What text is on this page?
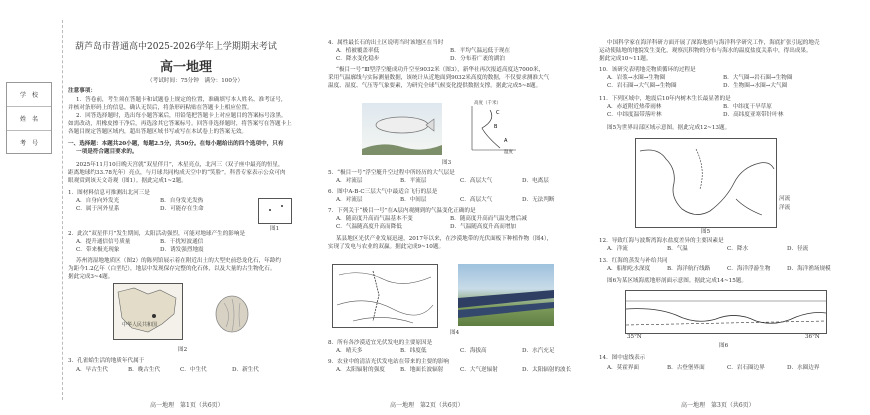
学　校
姓　名
考　号
葫芦岛市普通高中2025-2026学年上学期期末考试
高一地理
（考试时间：75分钟　满分：100分）
注意事项：
1．答卷前，考生须在答题卡和试题卷上规定的位置，准确填写本人姓名、准考证号，
并核对条形码上的信息，确认无误后，将条形码粘贴在答题卡上相应位置。
2．回答选择题时，选出每小题答案后，用铅笔把答题卡上对应题目的答案标号涂黑。
如需改动，用橡皮擦干净后，再选涂其它答案标号。回答非选择题时，将答案写在答题卡上
各题目规定答题区域内，超出答题区域书写或写在本试卷上的答案无效。
一、选择题：本题共20小题，每题2.5分，共50分。在每小题给出的四个选项中，只有
一项是符合题目要求的。
2025年11月10日晚天宫就“双星伴月”，木星亮点，北河三（双子座中最亮的恒星，
距离地球约33.78光年）亮点，与月球共同构成天空中的“笑脸”。科普专家表示公众可肉
眼观赏到该天文奇观（图1）。据此完成1~2题。
1．图材料信息可推测出北河三是
A．自身向外发光	B．自身发光发热
C．属于河外星系	D．可能存在生命
图1
2．此次“双星伴月”发生期间，太阳活动强烈，可能对地球产生的影响是
A．提升通信信号质量	B．干扰短波通信
C．带来极光现象	D．诱发强烈地震
苏州湾湿地地质区（图2）的陈列馆展示着在附近出土的大型史前恐龙化石，年龄约
为距今1.2亿年（白垩纪），地层中发现保存完整的化石体，以及大量的古生物化石。
据此完成3~4题。
中华人民共和国
图2
3．孔雀蛤生活的地质年代属于
A．早古生代	B．晚古生代	C．中生代	D．新生代
高一地理　第1页（共6页）
4．属性最长石的出土区说明当时该地区在当时
A．植被覆盖率低	B．平均气温远低于现在
C．降水变化稳步	D．分布着广袤的湖泊
“极目一号”Ⅲ型浮空艇成功升空至9032米（图3），新华社再次报道高度达7000米，
采用气温廓线与实际测量数据，该统计从近地面到9032米高度的数据，不仅要求测准大气
温度、湿度、气压等气象要素，为研究全球气候变化提供数据支撑。据此完成5~8题。
A
B
C
高度（千米）
温度
图3
5．“极目一号”浮空艇升空过程中所经历的大气层是
A．对流层	B．平流层	C．高层大气	D．电离层
6．图中A-B-C三层大气中最适合飞行的层是
A．对流层	B．中间层	C．高层大气	D．无法判断
7．下列关于“极目一号”在A层内观测到的气温变化正确的是
A．随高度升高而气温基本不变	B．随高度升高而气温先增后减
C．气温随高度升高而降低	D．气温随高度升高而增加
某县地区光伏产业发展迅速，2017年以来，在沙漠地带的光伏面板下种植作物（图4），
实现了发电与农业的双赢。据此完成9~10题。
图4
8．所有各沙漠适宜光伏发电的主要原因是
A．晴天多	B．纬度低	C．海拔高	D．水汽充足
9．农业中的清洁光伏发电站在带来的主要的影响
A．太阳辐射的强度	B．地面长波辐射	C．大气逆辐射	D．太阳辐射的波长
高一地理　第2页（共6页）
中国科学家在海洋科研方面开展了深海地质与海洋科学研究工作，海底扩张引起的地壳
运动使陆地的地貌发生变化，观察沉积物的分布与海水的温度盐度关系中，得出成果。
据此完成10~11题。
10．该研究表明地壳物质循环的过程是
A．岩浆→水圈→生物圈	B．大气圈→岩石圈→生物圈
C．岩石圈→大气圈→生物圈	D．生物圈→水圈→大气圈
11．下列区域中，地震后10年内树木生长最显著的是
A．赤道附近热带雨林	B．中纬度干旱草原
C．中纬度温带落叶林	D．高纬度亚寒带针叶林
图5为世界局部区域示意图。据此完成12~13题。
河流
洋流
图5
12．导致红海与波斯湾海水盐度差异的主要因素是
A．洋流	B．气温	C．降水	D．径流
13．红海的蒸发与补给共同
A．船舶吃水深度	B．海洋航行线路	C．海洋浮游生物	D．海洋渔场规模
图6为某区域海底地形剖面示意图。据此完成14~15题。
35°N	36°N
图6
14．图中虚线表示
A．莫霍界面	B．古登堡界面	C．岩石圈边界	D．水圈边界
高一地理　第3页（共6页）
